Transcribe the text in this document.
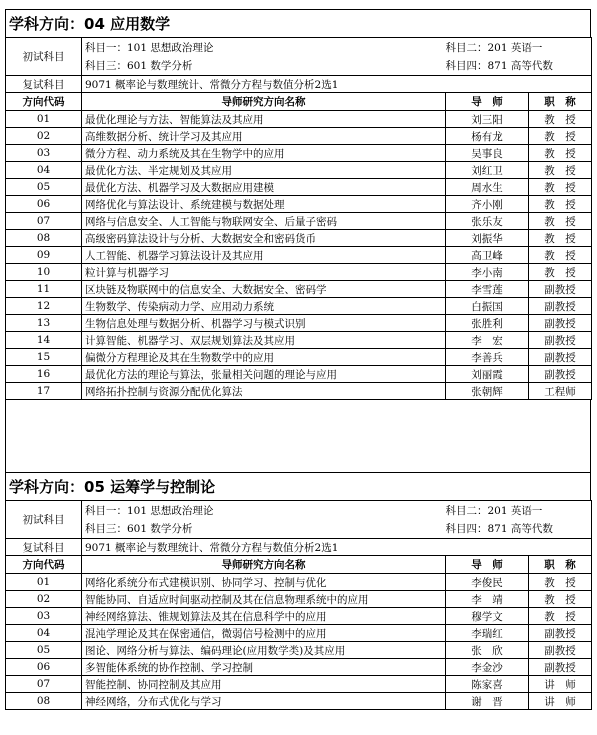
学科方向：04 应用数学
初试科目	科目一：101 思想政治理论	科目二：201 英语一	
	科目三：601 数学分析	科目四：871 高等代数	
复试科目	9071 概率论与数理统计、常微分方程与数值分析2选1		
方向代码	导师研究方向名称	导　师	职　称
01	最优化理论与方法、智能算法及其应用	刘三阳	教　授
02	高维数据分析、统计学习及其应用	杨有龙	教　授
03	微分方程、动力系统及其在生物学中的应用	吴事良	教　授
04	最优化方法、半定规划及其应用	刘红卫	教　授
05	最优化方法、机器学习及大数据应用建模	周水生	教　授
06	网络优化与算法设计、系统建模与数据处理	齐小刚	教　授
07	网络与信息安全、人工智能与物联网安全、后量子密码	张乐友	教　授
08	高级密码算法设计与分析、大数据安全和密码货币	刘振华	教　授
09	人工智能、机器学习算法设计及其应用	高卫峰	教　授
10	粒计算与机器学习	李小南	教　授
11	区块链及物联网中的信息安全、大数据安全、密码学	李雪莲	副教授
12	生物数学、传染病动力学、应用动力系统	白振国	副教授
13	生物信息处理与数据分析、机器学习与模式识别	张胜利	副教授
14	计算智能、机器学习、双层规划算法及其应用	李　宏	副教授
15	偏微分方程理论及其在生物数学中的应用	李善兵	副教授
16	最优化方法的理论与算法，张量相关问题的理论与应用	刘丽霞	副教授
17	网络拓扑控制与资源分配优化算法	张朝辉	工程师
学科方向：05 运筹学与控制论
初试科目	科目一：101 思想政治理论	科目二：201 英语一	
	科目三：601 数学分析	科目四：871 高等代数	
复试科目	9071 概率论与数理统计、常微分方程与数值分析2选1		
方向代码	导师研究方向名称	导　师	职　称
01	网络化系统分布式建模识别、协同学习、控制与优化	李俊民	教　授
02	智能协同、自适应时间驱动控制及其在信息物理系统中的应用	李　靖	教　授
03	神经网络算法、锥规划算法及其在信息科学中的应用	穆学文	教　授
04	混沌学理论及其在保密通信，微弱信号检测中的应用	李瑞红	副教授
05	图论、网络分析与算法、编码理论(应用数学类)及其应用	张　欣	副教授
06	多智能体系统的协作控制、学习控制	李金沙	副教授
07	智能控制、协同控制及其应用	陈家喜	讲　师
08	神经网络，分布式优化与学习	谢　晋	讲　师
